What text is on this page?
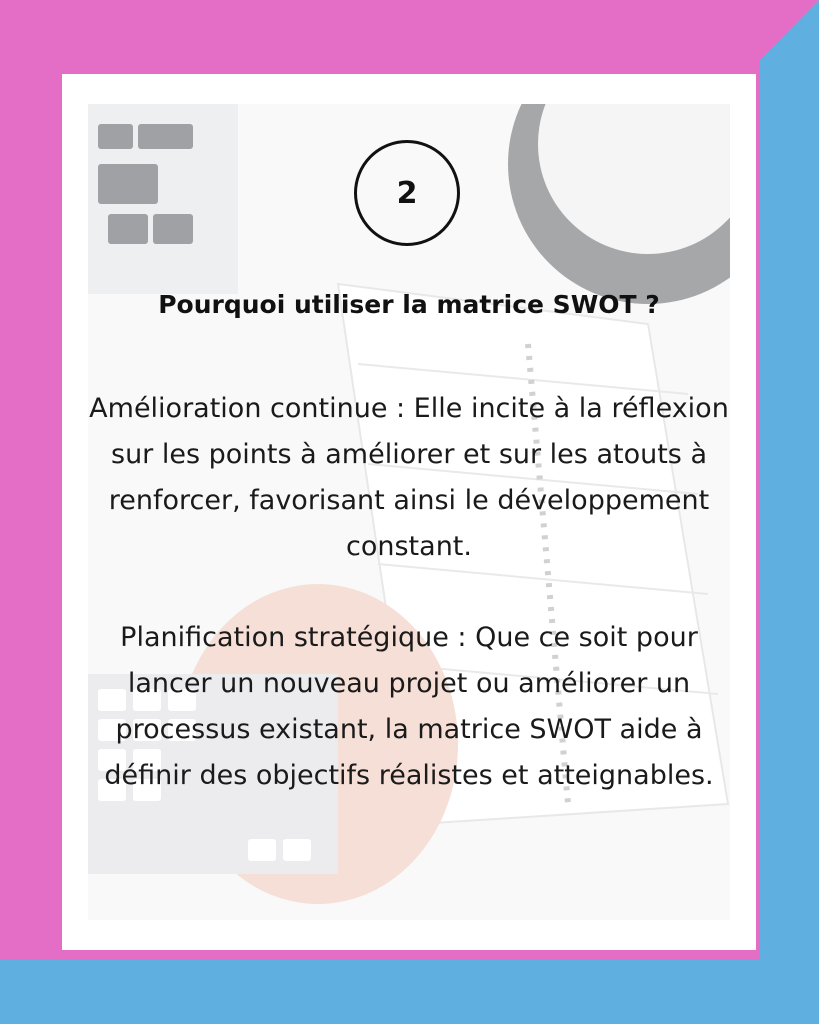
2
Pourquoi utiliser la matrice SWOT ?
Amélioration continue : Elle incite à la réflexion sur les points à améliorer et sur les atouts à renforcer, favorisant ainsi le développement constant.
Planification stratégique : Que ce soit pour lancer un nouveau projet ou améliorer un processus existant, la matrice SWOT aide à définir des objectifs réalistes et atteignables.
